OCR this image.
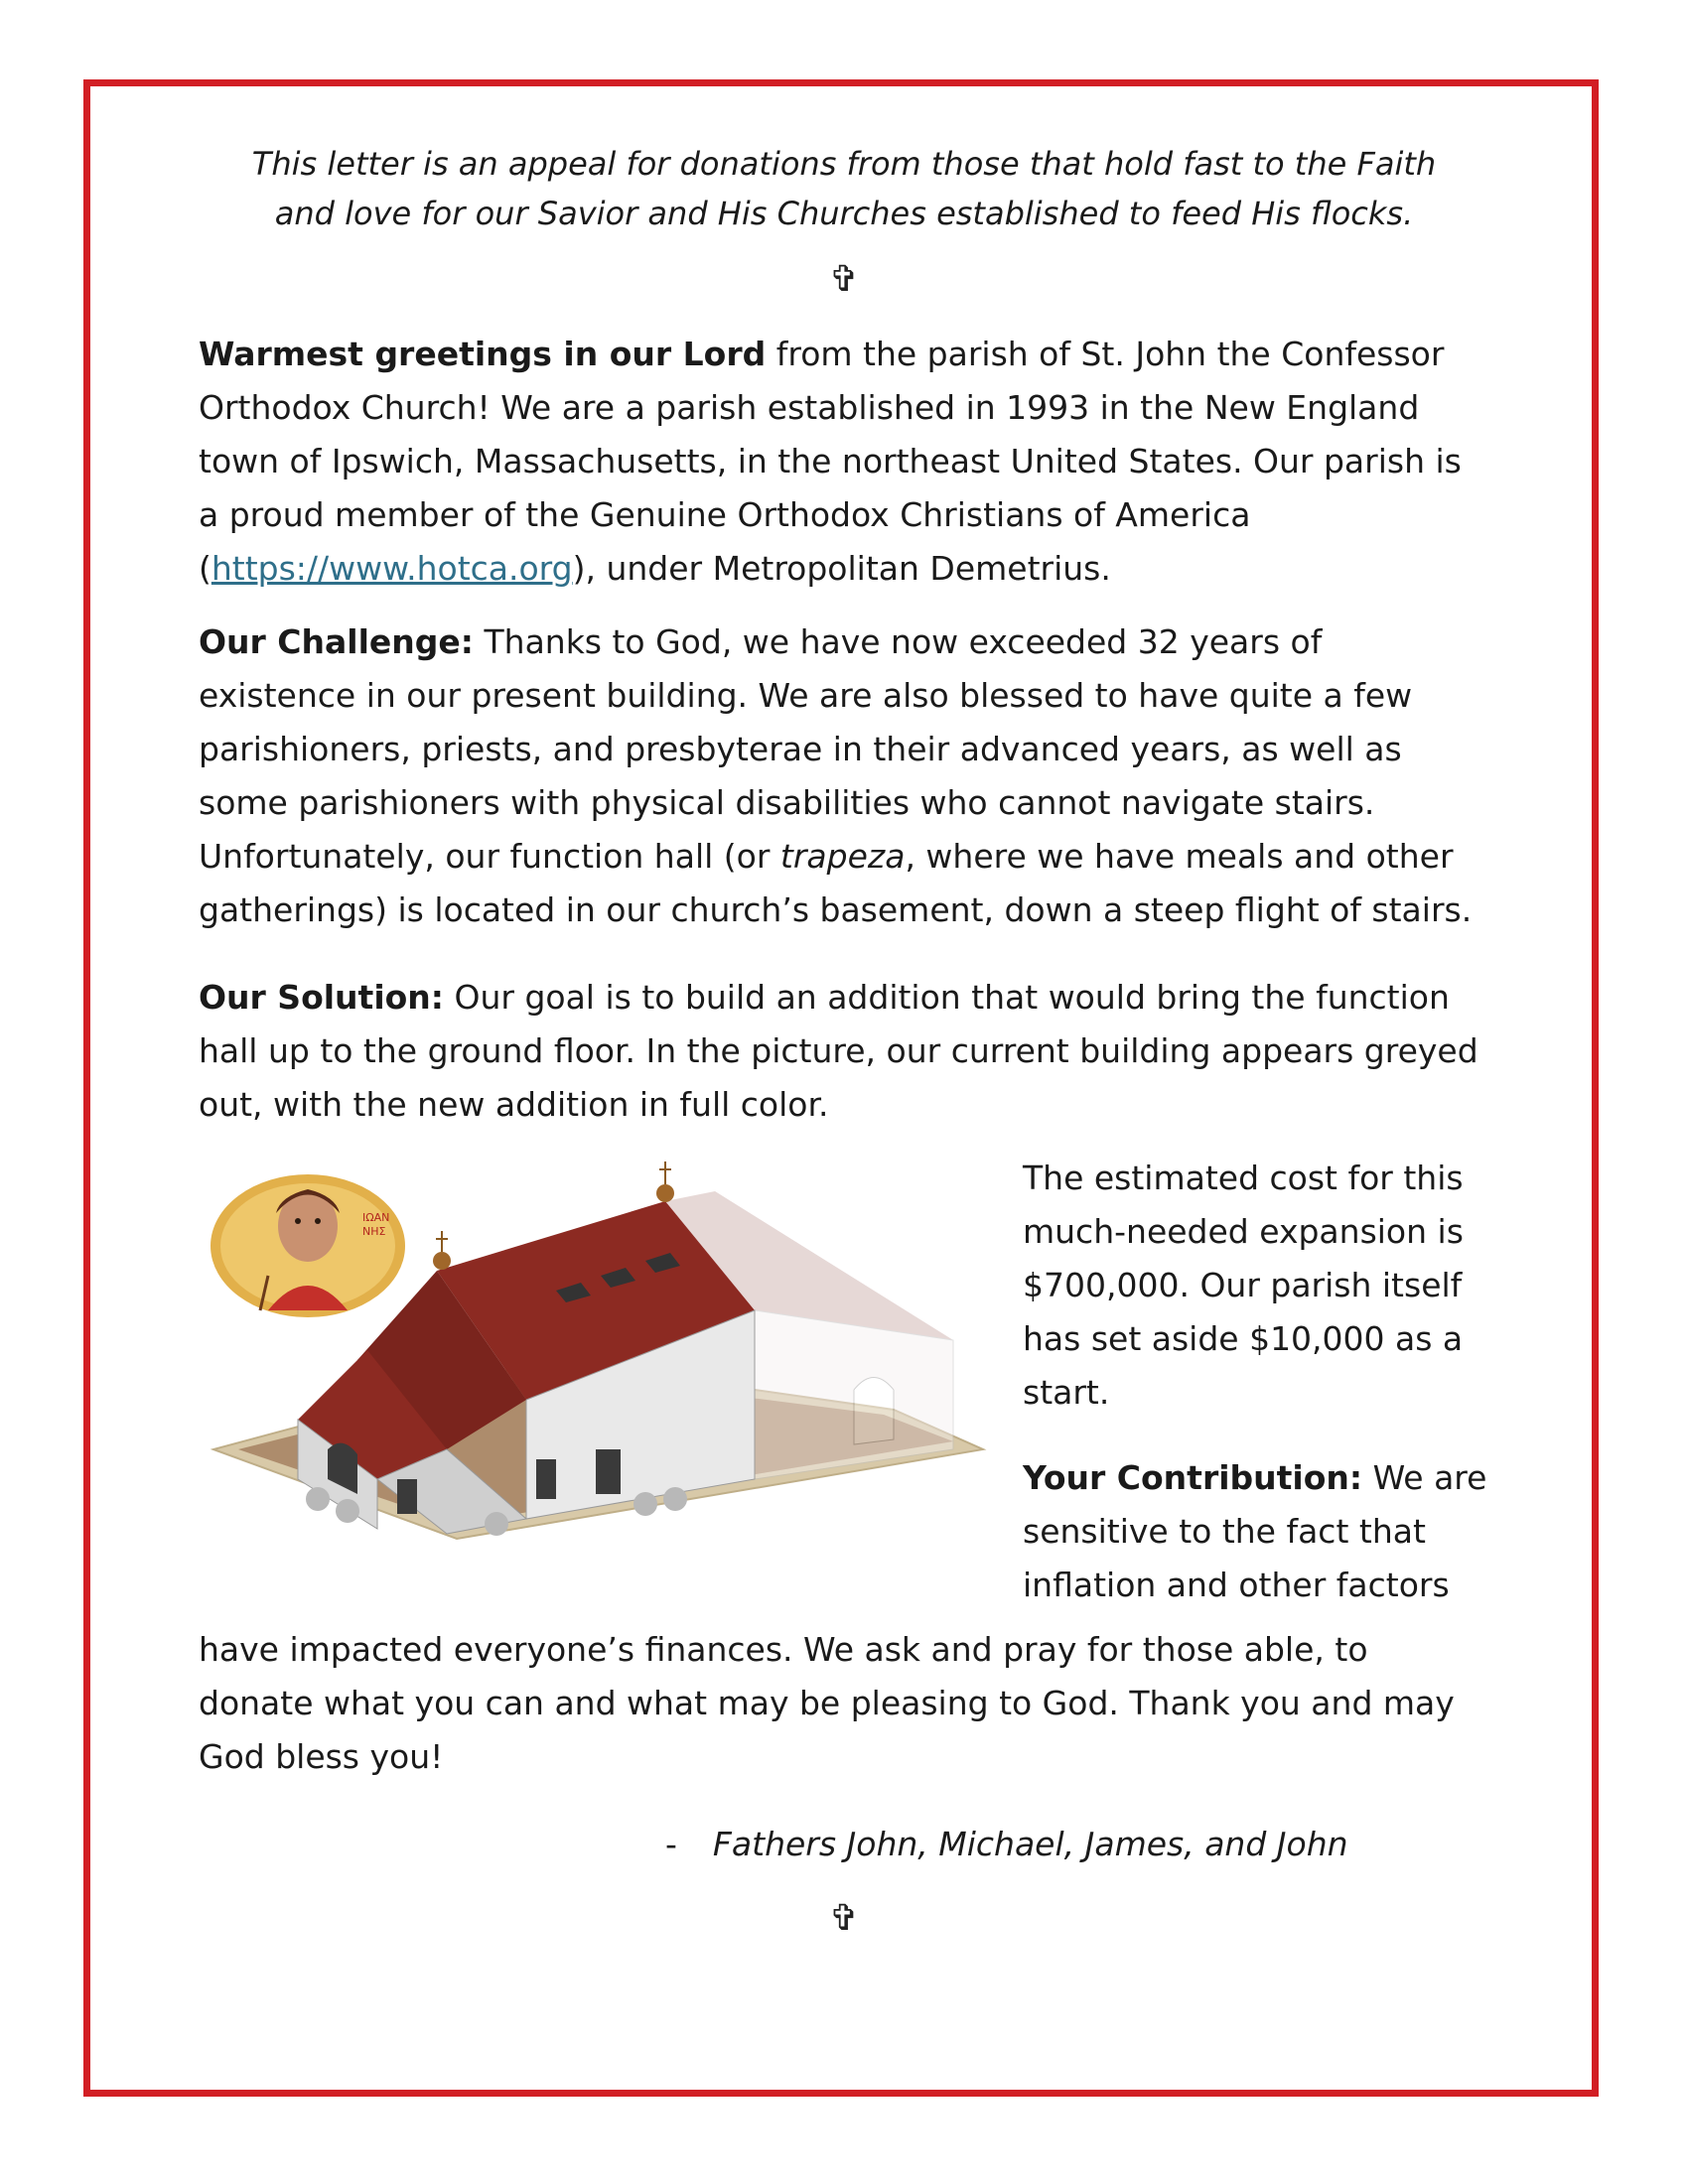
This letter is an appeal for donations from those that hold fast to the Faith
and love for our Savior and His Churches established to feed His flocks.

✞

Warmest greetings in our Lord from the parish of St. John the Confessor Orthodox Church! We are a parish established in 1993 in the New England town of Ipswich, Massachusetts, in the northeast United States. Our parish is a proud member of the Genuine Orthodox Christians of America (https://www.hotca.org), under Metropolitan Demetrius.

Our Challenge: Thanks to God, we have now exceeded 32 years of existence in our present building. We are also blessed to have quite a few parishioners, priests, and presbyterae in their advanced years, as well as some parishioners with physical disabilities who cannot navigate stairs. Unfortunately, our function hall (or trapeza, where we have meals and other gatherings) is located in our church’s basement, down a steep flight of stairs.

Our Solution: Our goal is to build an addition that would bring the function hall up to the ground floor. In the picture, our current building appears greyed out, with the new addition in full color.

ΙΩΑΝ
ΝΗΣ

The estimated cost for this much-needed expansion is $700,000. Our parish itself has set aside $10,000 as a start.

Your Contribution: We are sensitive to the fact that inflation and other factors

have impacted everyone’s finances. We ask and pray for those able, to donate what you can and what may be pleasing to God. Thank you and may God bless you!

- Fathers John, Michael, James, and John
✞
